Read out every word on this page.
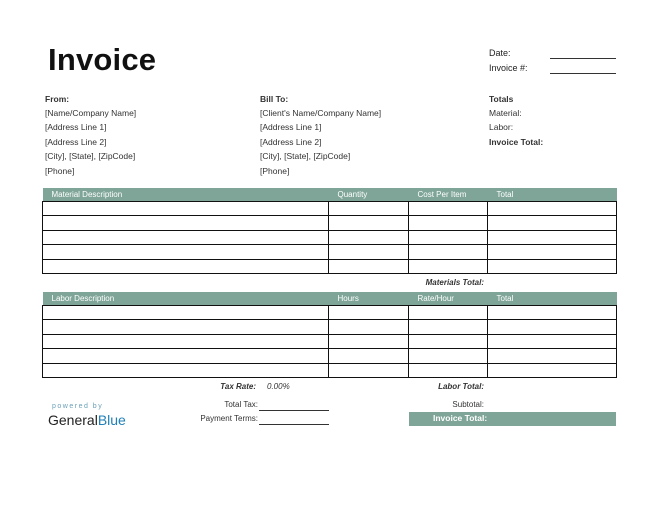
Invoice	Date:
Invoice #:
From:
[Name/Company Name]
[Address Line 1]
[Address Line 2]
[City], [State], [ZipCode]
[Phone]
Bill To:
[Client's Name/Company Name]
[Address Line 1]
[Address Line 2]
[City], [State], [ZipCode]
[Phone]
Totals
Material:
Labor:
Invoice Total:
Material Description	Quantity	Cost Per Item	Total

Materials Total:
Labor Description	Hours	Rate/Hour	Total

Tax Rate: 0.00%	Labor Total:
Total Tax:	Subtotal:
Payment Terms:	Invoice Total:
powered by
GeneralBlue
